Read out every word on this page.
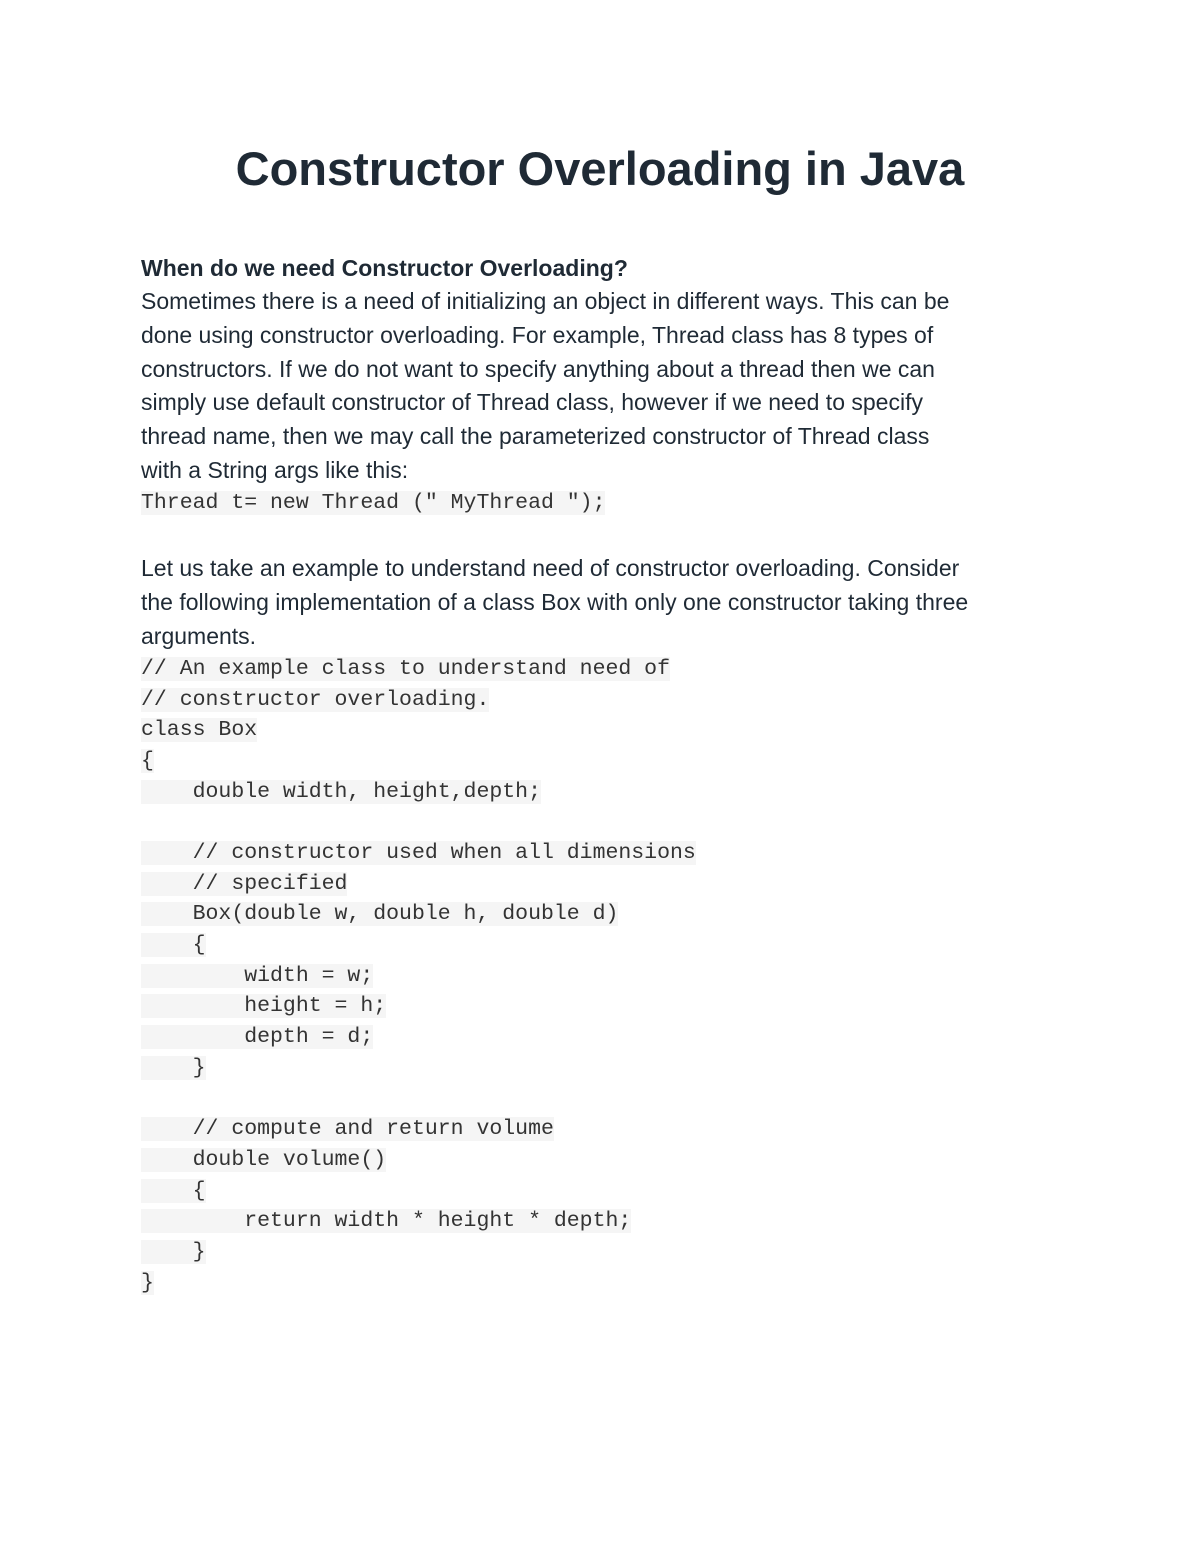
Constructor Overloading in Java

When do we need Constructor Overloading?

Sometimes there is a need of initializing an object in different ways. This can be
done using constructor overloading. For example, Thread class has 8 types of
constructors. If we do not want to specify anything about a thread then we can
simply use default constructor of Thread class, however if we need to specify
thread name, then we may call the parameterized constructor of Thread class
with a String args like this:
Thread t= new Thread (" MyThread ");
Let us take an example to understand need of constructor overloading. Consider
the following implementation of a class Box with only one constructor taking three
arguments.
// An example class to understand need of
// constructor overloading.
class Box
{
double width, height,depth;
// constructor used when all dimensions
// specified
Box(double w, double h, double d)
{
width = w;
height = h;
depth = d;
}
// compute and return volume
double volume()
{
return width * height * depth;
}
}
